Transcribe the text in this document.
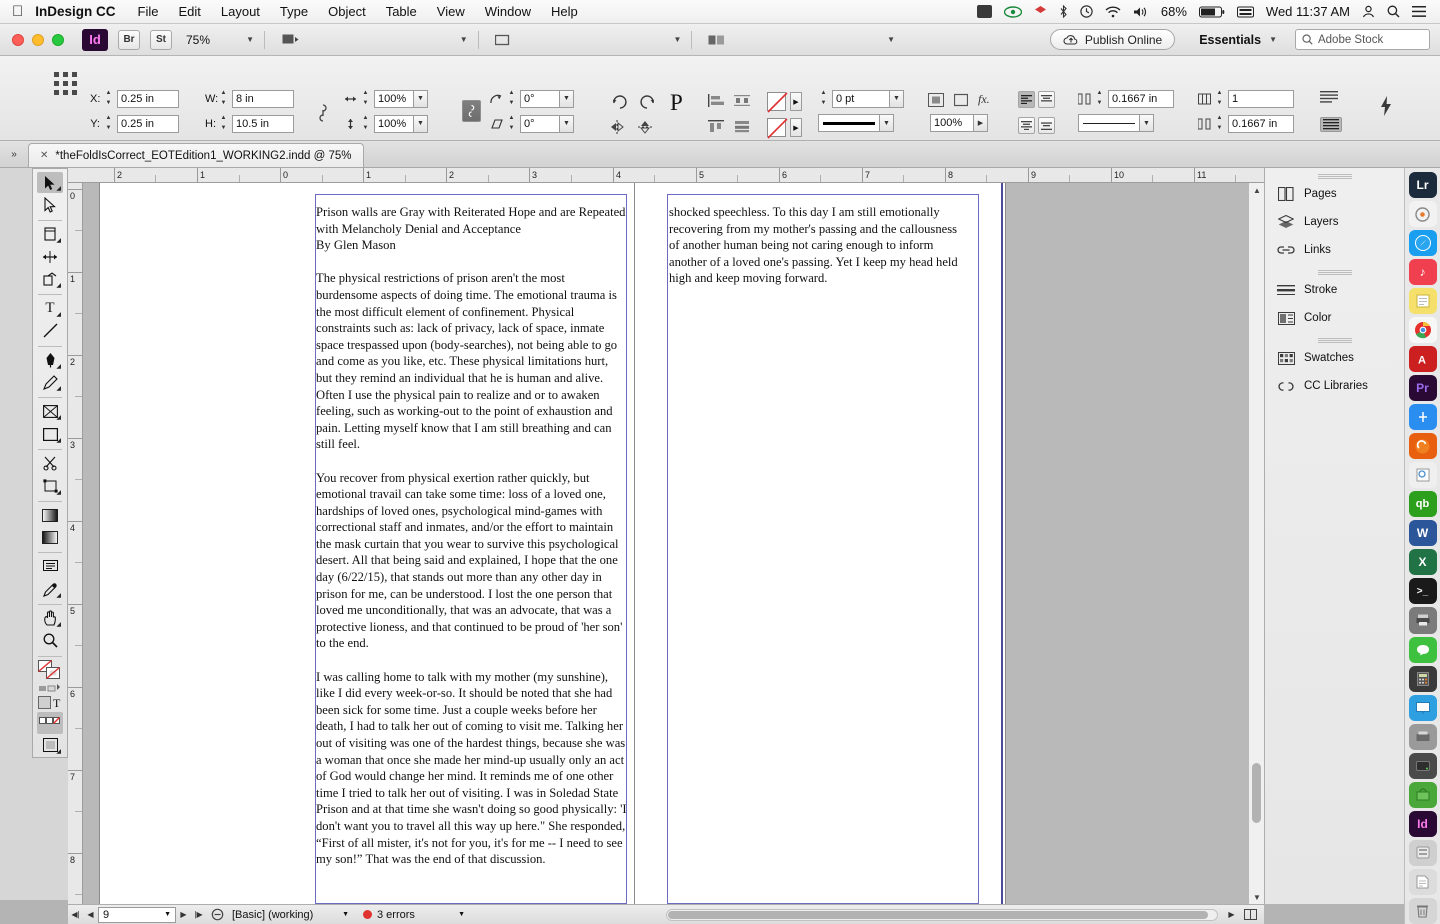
InDesign CC	File	Edit	Layout	Type	Object	Table	View	Window	Help	68%	Wed 11:37 AM
Id	Br	St	75%	▼	▼	▼	▼	Publish Online	Essentials ▼	Adobe Stock
X: ▲
▼ 0.25 in
Y: ▲
▼ 0.25 in
W: ▲
▼ 8 in
H: ▲
▼ 10.5 in
▲
▼ 100%	▼
▲
▼ 100%	▼
▲
▼ 0°	▼
▲
▼ 0°	▼
P	▶
▶
▲
▼ 0 pt	▼
▼	100%	▶
fx.	▲
▼ 0.1667 in
▼
▲
▼ 1
▲
▼ 0.1667 in
»	✕ *theFoldIsCorrect_EOTEdition1_WORKING2.indd @ 75%
◢
◢
◢
T ◢
◢
◢
◢
◢
◢
◢
◢
T
◢
2	1	0	1	2	3	4	5	6	7	8	9	10	11
0
1
2
3
4
5
6
7
8

Prison walls are Gray with Reiterated Hope and are Repeated with Melancholy Denial and Acceptance
By Glen Mason

The physical restrictions of prison aren't the most burdensome aspects of doing time. The emotional trauma is the most difficult element of confinement. Physical constraints such as: lack of privacy, lack of space, inmate space trespassed upon (body-searches), not being able to go and come as you like, etc. These physical limitations hurt, but they remind an individual that he is human and alive. Often I use the physical pain to realize and or to awaken feeling, such as working-out to the point of exhaustion and pain. Letting myself know that I am still breathing and can still feel.

You recover from physical exertion rather quickly, but emotional travail can take some time: loss of a loved one, hardships of loved ones, psychological mind-games with correctional staff and inmates, and/or the effort to maintain the mask curtain that you wear to survive this psychological desert. All that being said and explained, I hope that the one day (6/22/15), that stands out more than any other day in prison for me, can be understood. I lost the one person that loved me unconditionally, that was an advocate, that was a protective lioness, and that continued to be proud of 'her son' to the end.

I was calling home to talk with my mother (my sunshine), like I did every week-or-so. It should be noted that she had been sick for some time. Just a couple weeks before her death, I had to talk her out of coming to visit me. Talking her out of visiting was one of the hardest things, because she was a woman that once she made her mind-up usually only an act of God would change her mind. It reminds me of one other time I tried to talk her out of visiting. I was in Soledad State Prison and at that time she wasn't doing so good physically: 'I don't want you to travel all this way up here." She responded, “First of all mister, it's not for you, it's for me -- I need to see my son!” That was the end of that discussion.

shocked speechless. To this day I am still emotionally recovering from my mother's passing and the callousness of another human being not caring enough to inform another of a loved one's passing. Yet I keep my head held high and keep moving forward.

▲
▼
◀| ◀ 9	▼	▶ |▶	[Basic] (working)	▼	3 errors	▼	▶
Pages
Layers
Links
Stroke
Color
Swatches
CC Libraries
Lr
♪
A
Pr
qb
W
X
>_
Id
